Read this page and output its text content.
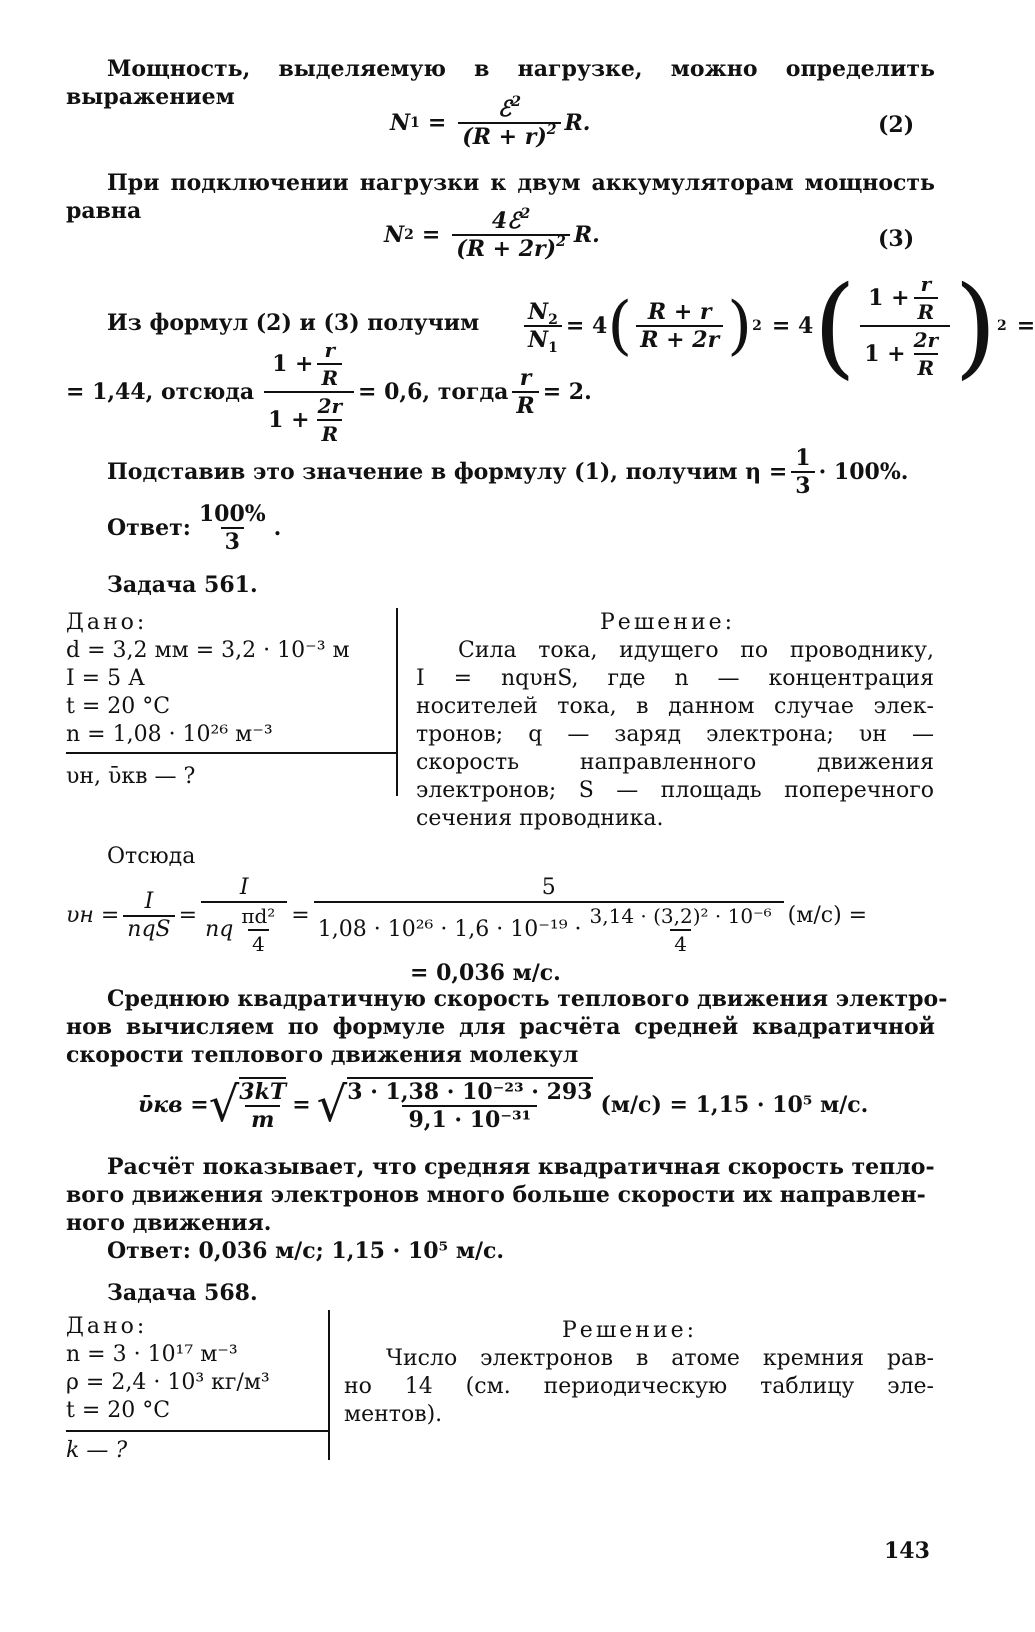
Мощность, выделяемую в нагрузке, можно определить
выражением
N $1 = \frac{ℰ^2}{(R + r)^2} R$.	(2)
При подключении нагрузки к двум аккумуляторам мощность
равна
N $2 = \frac{4ℰ^2}{(R + 2r)^2} R$.	(3)
Из формул (2) и (3) получим $\frac{N_2}{N_1} = 4$ ( $\frac{R + r}{R + 2r}$ ) 2 = 4 ( $\frac{1 + \frac{r}{R}}{1 + \frac{2r}{R}}$ ) 2 =
= 1,44, отсюда $\frac{1 + \frac{r}{R}}{1 + \frac{2r}{R}} = 0,6$, тогда $\frac{r}{R} = 2$.
Подставив это значение в формулу (1), получим $\eta = \frac{1}{3} \cdot 100\%$.
Ответ: $\frac{100\%}{3}$ .
Задача 561.
Дано:
d = 3,2 мм = 3,2 · 10⁻³ м
I = 5 А
t = 20 °C
n = 1,08 · 10²⁶ м⁻³
υн, ῡкв — ?
Решение:
Сила тока, идущего по проводнику,
I = nqυнS, где n — концентрация
носителей тока, в данном случае элек-
тронов; q — заряд электрона; υн —
скорость направленного движения
электронов; S — площадь поперечного
сечения проводника.
Отсюда
$\upsilon н = \frac{I}{\text{nqS}} = \frac{I}{nq \frac{\text{πd²}}{4}} = \frac{5}{1,08 \cdot 10^{26} \cdot 1,6 \cdot 10^{-19} \cdot \frac{\text{3,14 · (3,2)² · 10⁻⁶}}{4}} (м/с)$ =
= 0,036 м/с.
Среднюю квадратичную скорость теплового движения электро-
нов вычисляем по формуле для расчёта средней квадратичной
скорости теплового движения молекул
ῡкв = √ 3kT
m
= √ 3 · 1,38 · 10⁻²³ · 293
9,1 · 10⁻³¹
(м/с) = 1,15 · 10⁵ м/с.
Расчёт показывает, что средняя квадратичная скорость тепло-
вого движения электронов много больше скорости их направлен-
ного движения.
Ответ: 0,036 м/с; 1,15 · 10⁵ м/с.
Задача 568.
Дано:
n = 3 · 10¹⁷ м⁻³
ρ = 2,4 · 10³ кг/м³
t = 20 °C
k — ?
Решение:
Число электронов в атоме кремния рав-
но 14 (см. периодическую таблицу эле-
ментов).
143
